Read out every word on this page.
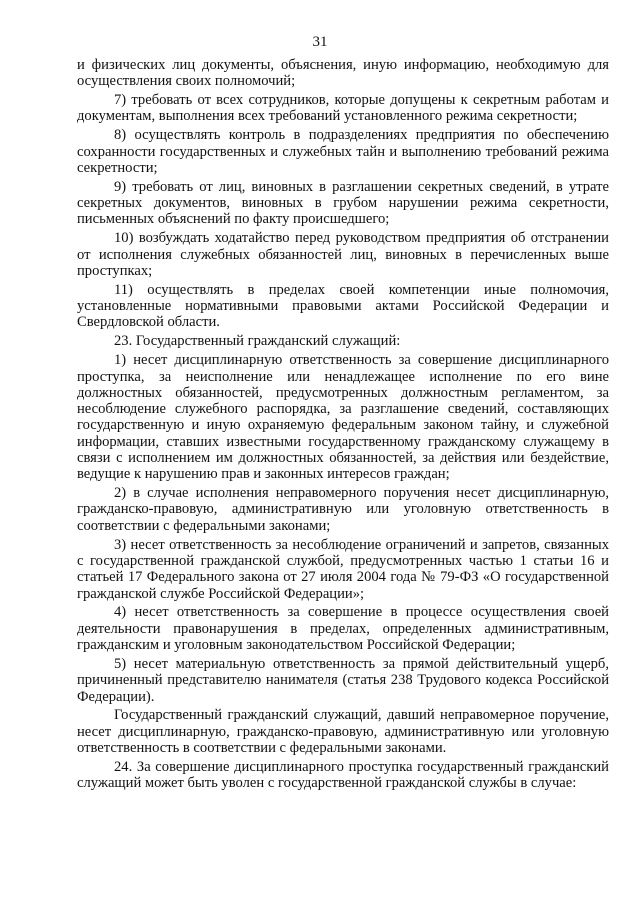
31

и физических лиц документы, объяснения, иную информацию, необходимую для осуществления своих полномочий;

7) требовать от всех сотрудников, которые допущены к секретным работам и документам, выполнения всех требований установленного режима секретности;

8) осуществлять контроль в подразделениях предприятия по обеспечению сохранности государственных и служебных тайн и выполнению требований режима секретности;

9) требовать от лиц, виновных в разглашении секретных сведений, в утрате секретных документов, виновных в грубом нарушении режима секретности, письменных объяснений по факту происшедшего;

10) возбуждать ходатайство перед руководством предприятия об отстранении от исполнения служебных обязанностей лиц, виновных в перечисленных выше проступках;

11) осуществлять в пределах своей компетенции иные полномочия, установленные нормативными правовыми актами Российской Федерации и Свердловской области.

23. Государственный гражданский служащий:

1) несет дисциплинарную ответственность за совершение дисциплинарного проступка, за неисполнение или ненадлежащее исполнение по его вине должностных обязанностей, предусмотренных должностным регламентом, за несоблюдение служебного распорядка, за разглашение сведений, составляющих государственную и иную охраняемую федеральным законом тайну, и служебной информации, ставших известными государственному гражданскому служащему в связи с исполнением им должностных обязанностей, за действия или бездействие, ведущие к нарушению прав и законных интересов граждан;

2) в случае исполнения неправомерного поручения несет дисциплинарную, гражданско-правовую, административную или уголовную ответственность в соответствии с федеральными законами;

3) несет ответственность за несоблюдение ограничений и запретов, связанных с государственной гражданской службой, предусмотренных частью 1 статьи 16 и статьей 17 Федерального закона от 27 июля 2004 года № 79-ФЗ «О государственной гражданской службе Российской Федерации»;

4) несет ответственность за совершение в процессе осуществления своей деятельности правонарушения в пределах, определенных административным, гражданским и уголовным законодательством Российской Федерации;

5) несет материальную ответственность за прямой действительный ущерб, причиненный представителю нанимателя (статья 238 Трудового кодекса Российской Федерации).

Государственный гражданский служащий, давший неправомерное поручение, несет дисциплинарную, гражданско-правовую, административную или уголовную ответственность в соответствии с федеральными законами.

24. За совершение дисциплинарного проступка государственный гражданский служащий может быть уволен с государственной гражданской службы в случае:
